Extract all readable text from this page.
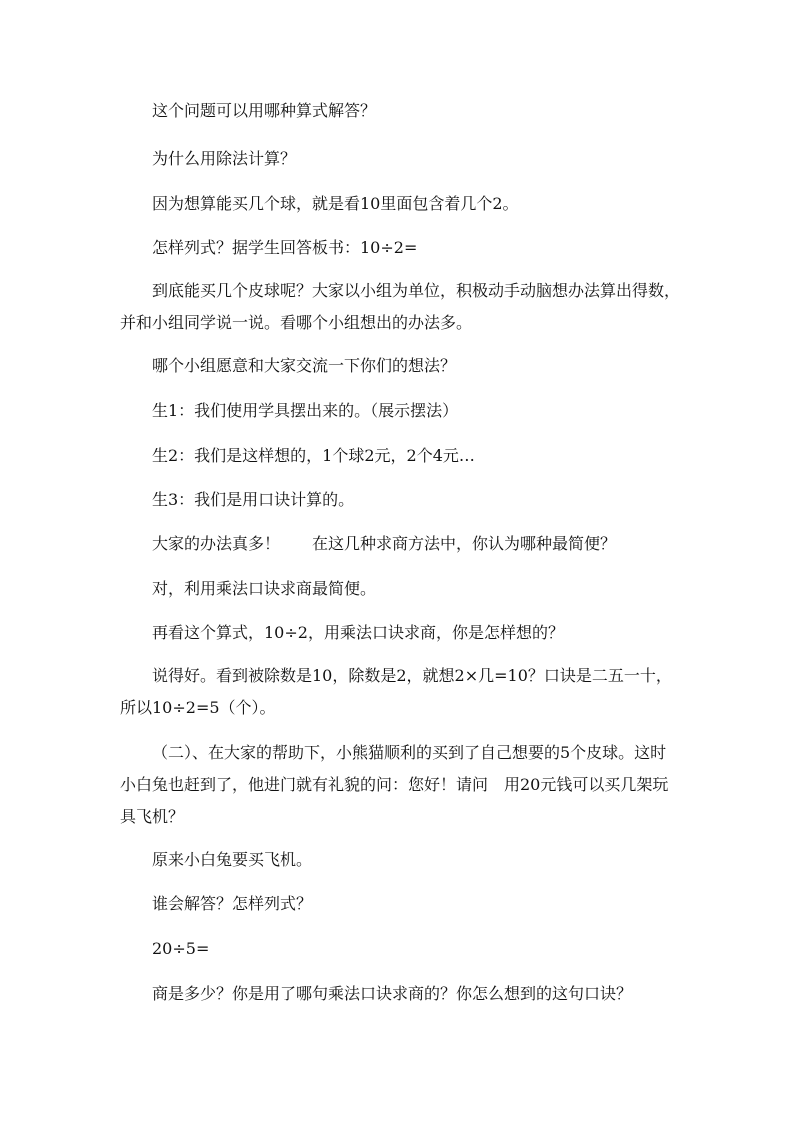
这个问题可以用哪种算式解答？

为什么用除法计算？

因为想算能买几个球，就是看10里面包含着几个2。

怎样列式？据学生回答板书：10÷2=

到底能买几个皮球呢？大家以小组为单位，积极动手动脑想办法算出得数，并和小组同学说一说。看哪个小组想出的办法多。

哪个小组愿意和大家交流一下你们的想法？

生1：我们使用学具摆出来的。（展示摆法）

生2：我们是这样想的，1个球2元，2个4元…

生3：我们是用口诀计算的。

大家的办法真多！　　在这几种求商方法中，你认为哪种最简便？

对，利用乘法口诀求商最简便。

再看这个算式，10÷2，用乘法口诀求商，你是怎样想的？

说得好。看到被除数是10，除数是2，就想2×几=10？口诀是二五一十，所以10÷2=5（个）。

（二）、在大家的帮助下，小熊猫顺利的买到了自己想要的5个皮球。这时小白兔也赶到了，他进门就有礼貌的问：您好！请问　用20元钱可以买几架玩具飞机？

原来小白兔要买飞机。

谁会解答？怎样列式？

20÷5=

商是多少？你是用了哪句乘法口诀求商的？你怎么想到的这句口诀？
